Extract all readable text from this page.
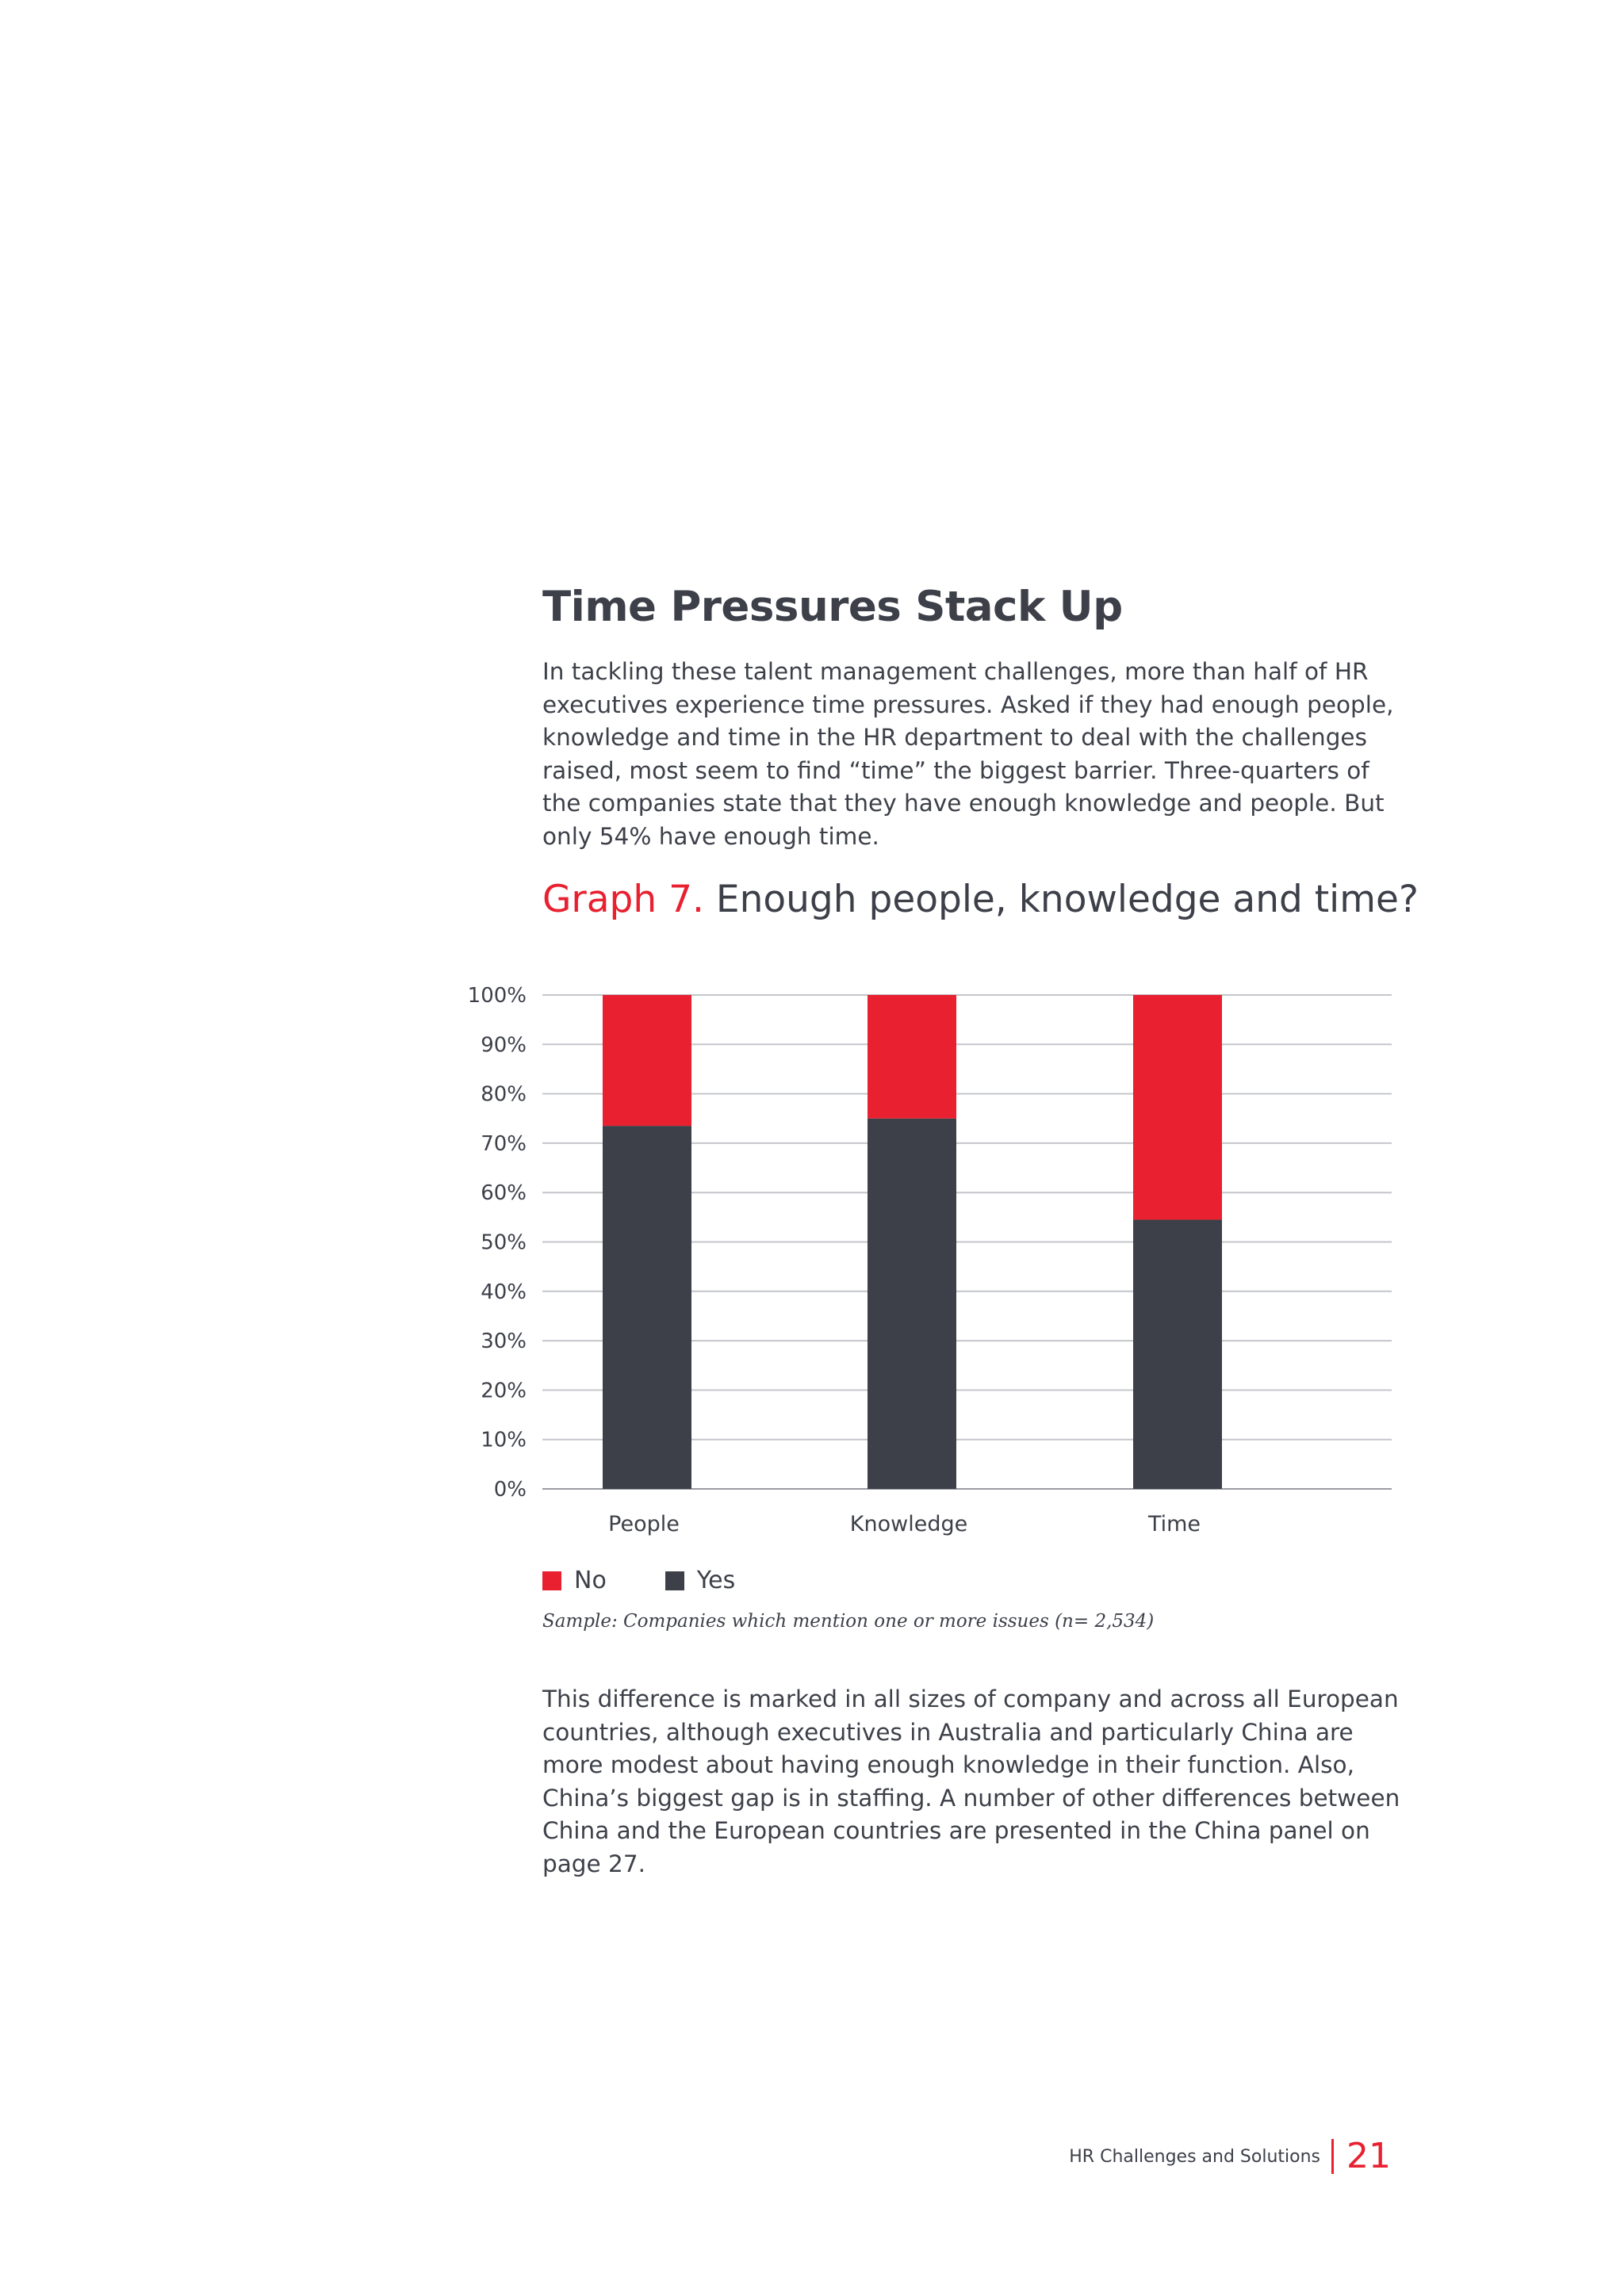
Time Pressures Stack Up

In tackling these talent management challenges, more than half of HR executives experience time pressures. Asked if they had enough people, knowledge and time in the HR department to deal with the challenges raised, most seem to find “time” the biggest barrier. Three-quarters of the companies state that they have enough knowledge and people. But only 54% have enough time.

Graph 7. Enough people, knowledge and time?
0%
10%
20%
30%
40%
50%
60%
70%
80%
90%
100%
People	Knowledge	Time
No	Yes

Sample: Companies which mention one or more issues (n= 2,534)

This difference is marked in all sizes of company and across all European countries, although executives in Australia and particularly China are more modest about having enough knowledge in their function. Also, China’s biggest gap is in staffing. A number of other differences between China and the European countries are presented in the China panel on page 27.

HR Challenges and Solutions 21
